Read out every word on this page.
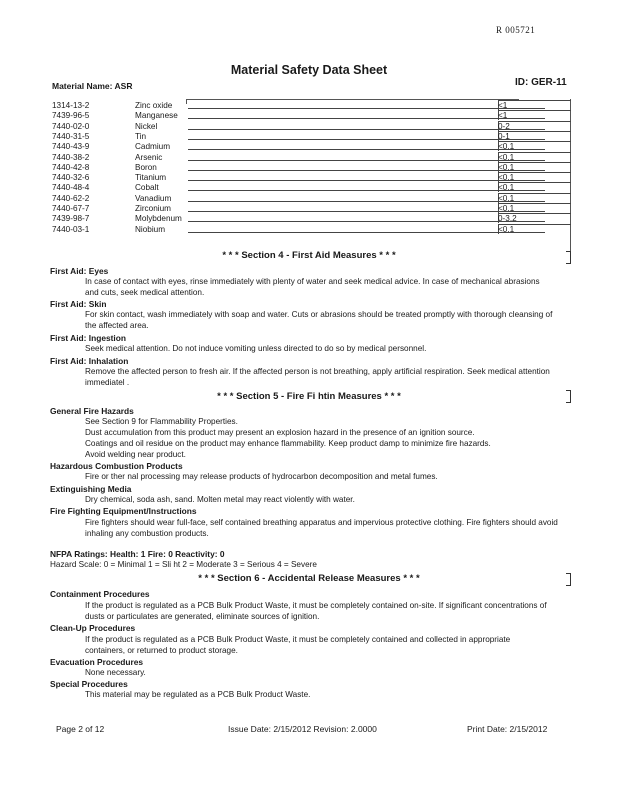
R 005721
Material Safety Data Sheet
Material Name: ASR	ID: GER-11
1314-13-2	Zinc oxide	<1
7439-96-5	Manganese	<1
7440-02-0	Nickel	0-2
7440-31-5	Tin	0-1
7440-43-9	Cadmium	<0.1
7440-38-2	Arsenic	<0.1
7440-42-8	Boron	<0.1
7440-32-6	Titanium	<0.1
7440-48-4	Cobalt	<0.1
7440-62-2	Vanadium	<0.1
7440-67-7	Zirconium	<0.1
7439-98-7	Molybdenum	0-3.2
7440-03-1	Niobium	<0.1
* * * Section 4 - First Aid Measures * * *
First Aid: Eyes
In case of contact with eyes, rinse immediately with plenty of water and seek medical advice. In case of mechanical abrasions and cuts, seek medical attention.
First Aid: Skin
For skin contact, wash immediately with soap and water. Cuts or abrasions should be treated promptly with thorough cleansing of the affected area.
First Aid: Ingestion
Seek medical attention. Do not induce vomiting unless directed to do so by medical personnel.
First Aid: Inhalation
Remove the affected person to fresh air. If the affected person is not breathing, apply artificial respiration. Seek medical attention immediatel .
* * * Section 5 - Fire Fi htin Measures * * *
General Fire Hazards
See Section 9 for Flammability Properties.
Dust accumulation from this product may present an explosion hazard in the presence of an ignition source.
Coatings and oil residue on the product may enhance flammability. Keep product damp to minimize fire hazards.
Avoid welding near product.
Hazardous Combustion Products
Fire or ther nal processing may release products of hydrocarbon decomposition and metal fumes.
Extinguishing Media
Dry chemical, soda ash, sand. Molten metal may react violently with water.
Fire Fighting Equipment/Instructions
Fire fighters should wear full-face, self contained breathing apparatus and impervious protective clothing. Fire fighters should avoid inhaling any combustion products.
NFPA Ratings: Health: 1 Fire: 0 Reactivity: 0
Hazard Scale: 0 = Minimal 1 = Sli ht 2 = Moderate 3 = Serious 4 = Severe
* * * Section 6 - Accidental Release Measures * * *
Containment Procedures
If the product is regulated as a PCB Bulk Product Waste, it must be completely contained on-site. If significant concentrations of dusts or particulates are generated, eliminate sources of ignition.
Clean-Up Procedures
If the product is regulated as a PCB Bulk Product Waste, it must be completely contained and collected in appropriate containers, or returned to product storage.
Evacuation Procedures
None necessary.
Special Procedures
This material may be regulated as a PCB Bulk Product Waste.
Page 2 of 12	Issue Date: 2/15/2012 Revision: 2.0000	Print Date: 2/15/2012
